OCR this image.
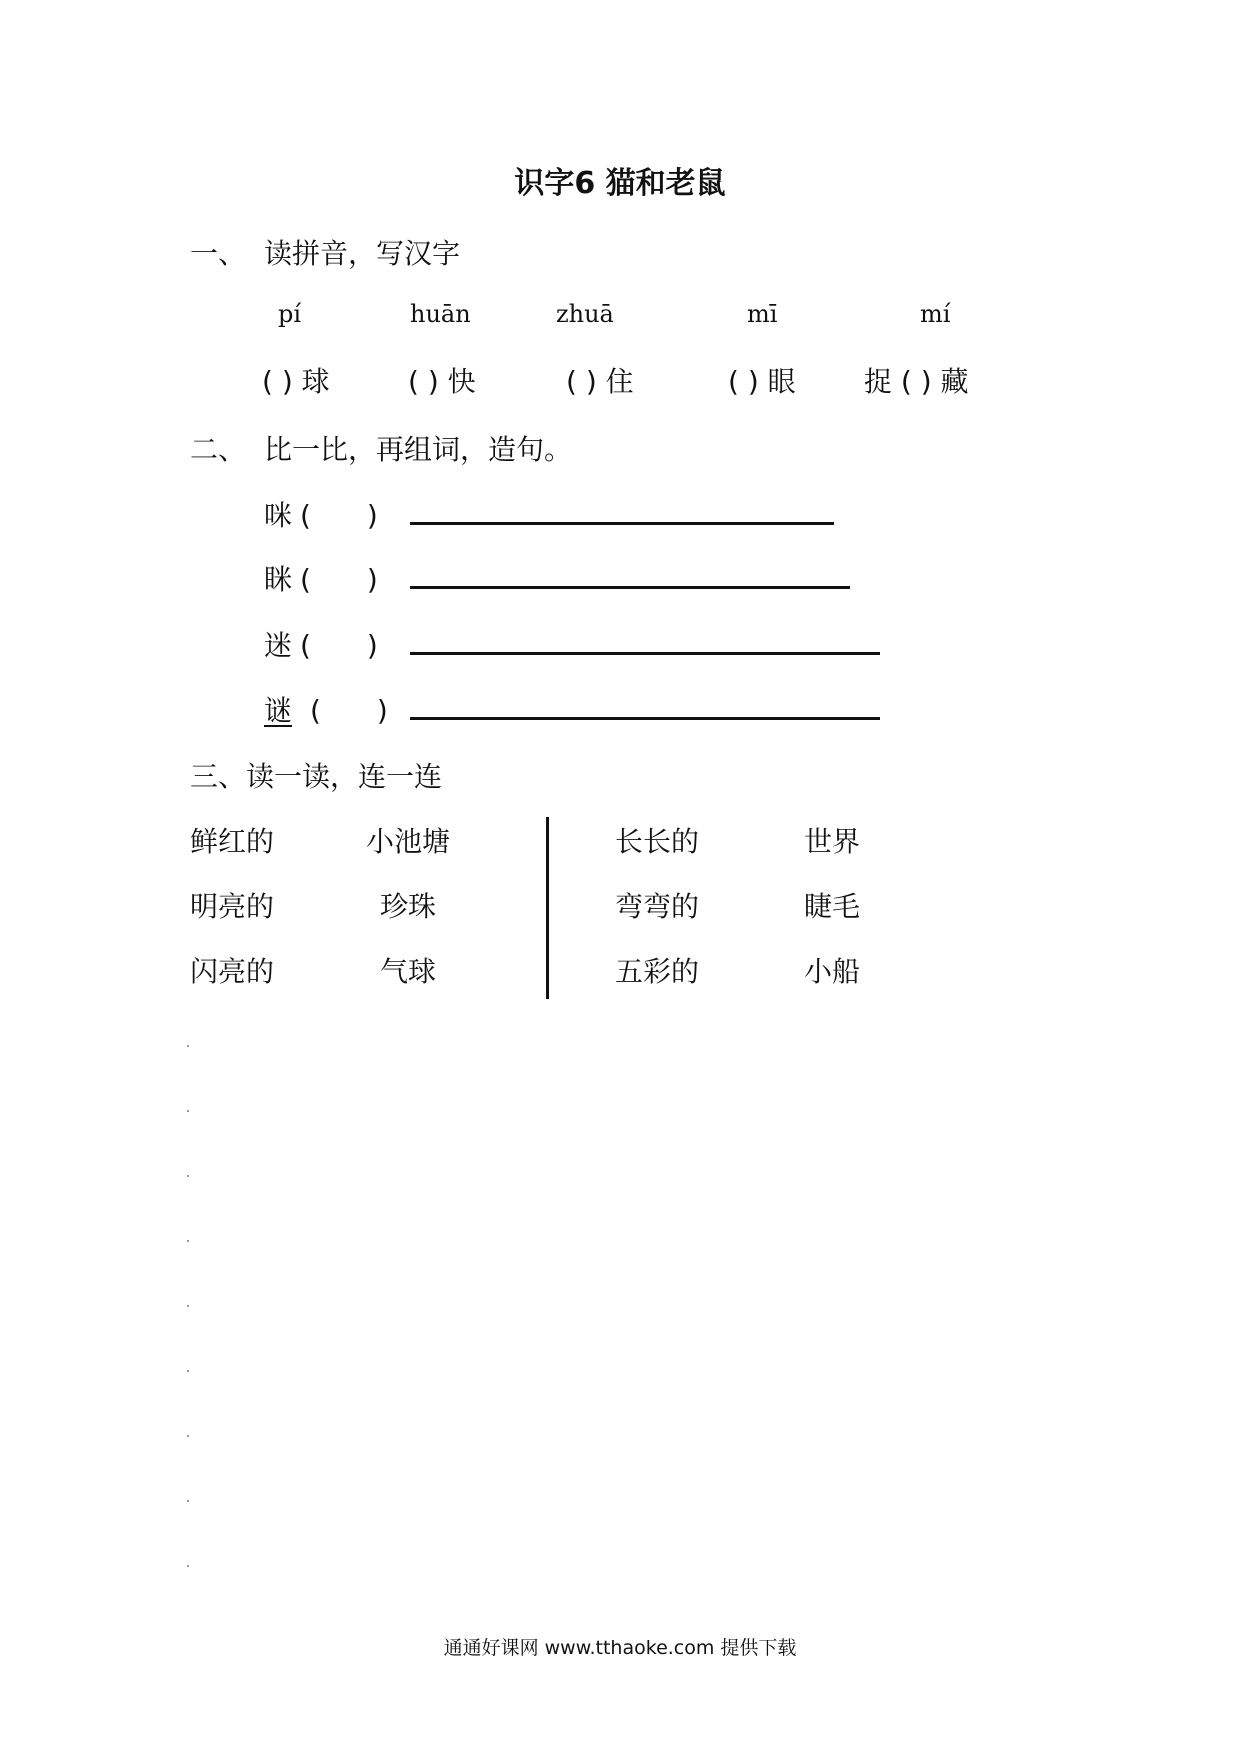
识字6 猫和老鼠
一、 读拼音，写汉字
pí	huān	zhuā	mī	mí
( ) 球	( ) 快	( ) 住	( ) 眼 捉 ( ) 藏
二、 比一比，再组词，造句。
咪 (　　)
眯 (　　)
迷 (　　)
谜 (　　)
三、读一读，连一连
鲜红的	小池塘	长长的	世界
明亮的	珍珠	弯弯的	睫毛
闪亮的	气球	五彩的	小船
通通好课网 www.tthaoke.com 提供下载
